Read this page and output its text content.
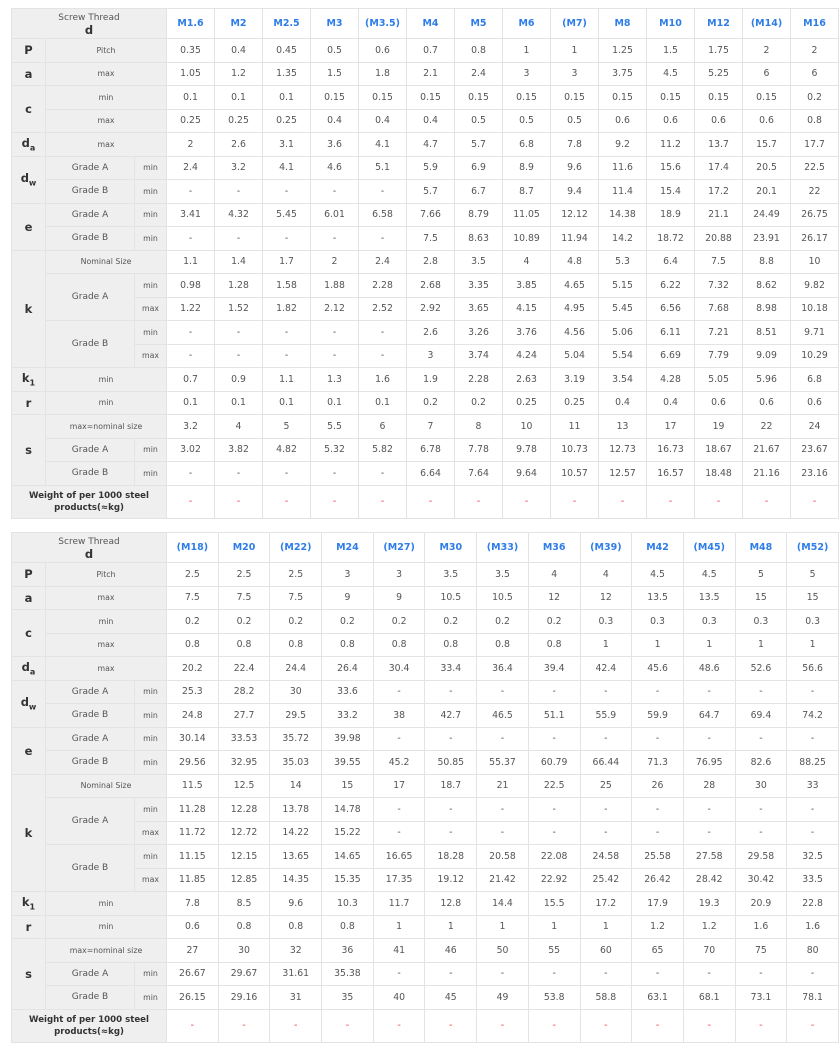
Screw Thread
d			M1.6	M2	M2.5	M3	(M3.5)	M4	M5	M6	(M7)	M8	M10	M12	(M14)	M16
P	Pitch		0.35	0.4	0.45	0.5	0.6	0.7	0.8	1	1	1.25	1.5	1.75	2	2
a	max		1.05	1.2	1.35	1.5	1.8	2.1	2.4	3	3	3.75	4.5	5.25	6	6
c	min		0.1	0.1	0.1	0.15	0.15	0.15	0.15	0.15	0.15	0.15	0.15	0.15	0.15	0.2
	max		0.25	0.25	0.25	0.4	0.4	0.4	0.5	0.5	0.5	0.6	0.6	0.6	0.6	0.8
$d_a$	max		2	2.6	3.1	3.6	4.1	4.7	5.7	6.8	7.8	9.2	11.2	13.7	15.7	17.7
$d_w$	Grade A	min	2.4	3.2	4.1	4.6	5.1	5.9	6.9	8.9	9.6	11.6	15.6	17.4	20.5	22.5
	Grade B	min	-	-	-	-	-	5.7	6.7	8.7	9.4	11.4	15.4	17.2	20.1	22
e	Grade A	min	3.41	4.32	5.45	6.01	6.58	7.66	8.79	11.05	12.12	14.38	18.9	21.1	24.49	26.75
	Grade B	min	-	-	-	-	-	7.5	8.63	10.89	11.94	14.2	18.72	20.88	23.91	26.17
k	Nominal Size		1.1	1.4	1.7	2	2.4	2.8	3.5	4	4.8	5.3	6.4	7.5	8.8	10
	Grade A	min	0.98	1.28	1.58	1.88	2.28	2.68	3.35	3.85	4.65	5.15	6.22	7.32	8.62	9.82
		max	1.22	1.52	1.82	2.12	2.52	2.92	3.65	4.15	4.95	5.45	6.56	7.68	8.98	10.18
	Grade B	min	-	-	-	-	-	2.6	3.26	3.76	4.56	5.06	6.11	7.21	8.51	9.71
		max	-	-	-	-	-	3	3.74	4.24	5.04	5.54	6.69	7.79	9.09	10.29
$k_1$	min		0.7	0.9	1.1	1.3	1.6	1.9	2.28	2.63	3.19	3.54	4.28	5.05	5.96	6.8
r	min		0.1	0.1	0.1	0.1	0.1	0.2	0.2	0.25	0.25	0.4	0.4	0.6	0.6	0.6
s	max=nominal size		3.2	4	5	5.5	6	7	8	10	11	13	17	19	22	24
	Grade A	min	3.02	3.82	4.82	5.32	5.82	6.78	7.78	9.78	10.73	12.73	16.73	18.67	21.67	23.67
	Grade B	min	-	-	-	-	-	6.64	7.64	9.64	10.57	12.57	16.57	18.48	21.16	23.16
Weight of per 1000 steel products(≈kg)			-	-	-	-	-	-	-	-	-	-	-	-	-	-
Screw Thread
d			(M18)	M20	(M22)	M24	(M27)	M30	(M33)	M36	(M39)	M42	(M45)	M48	(M52)
P	Pitch		2.5	2.5	2.5	3	3	3.5	3.5	4	4	4.5	4.5	5	5
a	max		7.5	7.5	7.5	9	9	10.5	10.5	12	12	13.5	13.5	15	15
c	min		0.2	0.2	0.2	0.2	0.2	0.2	0.2	0.2	0.3	0.3	0.3	0.3	0.3
	max		0.8	0.8	0.8	0.8	0.8	0.8	0.8	0.8	1	1	1	1	1
$d_a$	max		20.2	22.4	24.4	26.4	30.4	33.4	36.4	39.4	42.4	45.6	48.6	52.6	56.6
$d_w$	Grade A	min	25.3	28.2	30	33.6	-	-	-	-	-	-	-	-	-
	Grade B	min	24.8	27.7	29.5	33.2	38	42.7	46.5	51.1	55.9	59.9	64.7	69.4	74.2
e	Grade A	min	30.14	33.53	35.72	39.98	-	-	-	-	-	-	-	-	-
	Grade B	min	29.56	32.95	35.03	39.55	45.2	50.85	55.37	60.79	66.44	71.3	76.95	82.6	88.25
k	Nominal Size		11.5	12.5	14	15	17	18.7	21	22.5	25	26	28	30	33
	Grade A	min	11.28	12.28	13.78	14.78	-	-	-	-	-	-	-	-	-
		max	11.72	12.72	14.22	15.22	-	-	-	-	-	-	-	-	-
	Grade B	min	11.15	12.15	13.65	14.65	16.65	18.28	20.58	22.08	24.58	25.58	27.58	29.58	32.5
		max	11.85	12.85	14.35	15.35	17.35	19.12	21.42	22.92	25.42	26.42	28.42	30.42	33.5
$k_1$	min		7.8	8.5	9.6	10.3	11.7	12.8	14.4	15.5	17.2	17.9	19.3	20.9	22.8
r	min		0.6	0.8	0.8	0.8	1	1	1	1	1	1.2	1.2	1.6	1.6
s	max=nominal size		27	30	32	36	41	46	50	55	60	65	70	75	80
	Grade A	min	26.67	29.67	31.61	35.38	-	-	-	-	-	-	-	-	-
	Grade B	min	26.15	29.16	31	35	40	45	49	53.8	58.8	63.1	68.1	73.1	78.1
Weight of per 1000 steel products(≈kg)			-	-	-	-	-	-	-	-	-	-	-	-	-
